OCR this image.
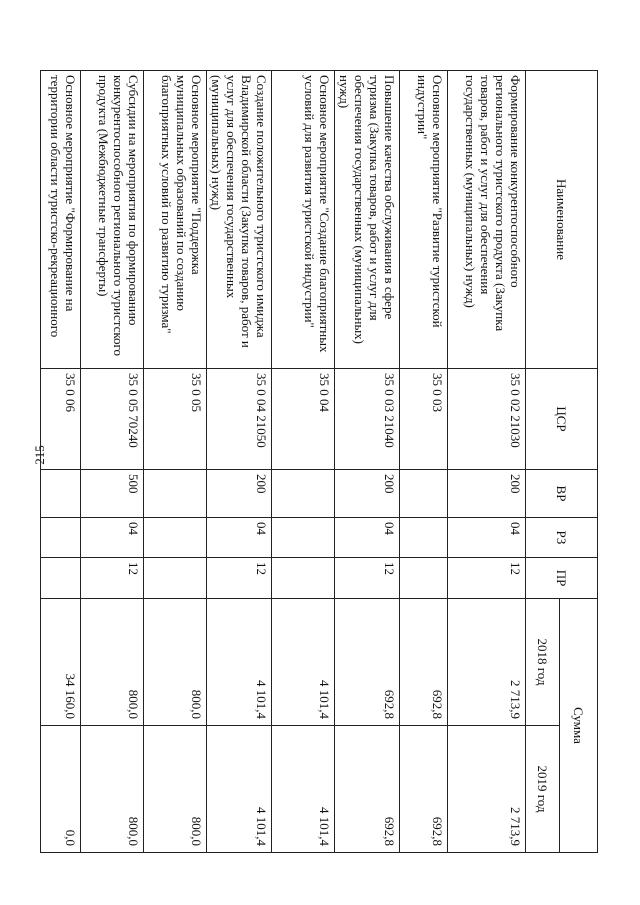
215
Наименование	ЦСР	ВР	РЗ	ПР	Сумма	
					2018 год	2019 год
Формирование конкурентоспособного регионального туристского продукта (Закупка товаров, работ и услуг для обеспечения государственных (муниципальных) нужд)	35 0 02 21030	200	04	12	2 713,9	2 713,9
Основное мероприятие "Развитие туристской индустрии"	35 0 03				692,8	692,8
Повышение качества обслуживания в сфере туризма (Закупка товаров, работ и услуг для обеспечения государственных (муниципальных) нужд)	35 0 03 21040	200	04	12	692,8	692,8
Основное мероприятие "Создание благоприятных условий для развития туристской индустрии"	35 0 04				4 101,4	4 101,4
Создание положительного туристского имиджа Владимирской области (Закупка товаров, работ и услуг для обеспечения государственных (муниципальных) нужд)	35 0 04 21050	200	04	12	4 101,4	4 101,4
Основное мероприятие "Поддержка муниципальных образований по созданию благоприятных условий по развитию туризма"	35 0 05				800,0	800,0
Субсидии на мероприятия по формированию конкурентоспособного регионального туристского продукта (Межбюджетные трансферты)	35 0 05 70240	500	04	12	800,0	800,0
Основное мероприятие "Формирование на территории области туристско-рекреационного	35 0 06				34 160,0	0,0
